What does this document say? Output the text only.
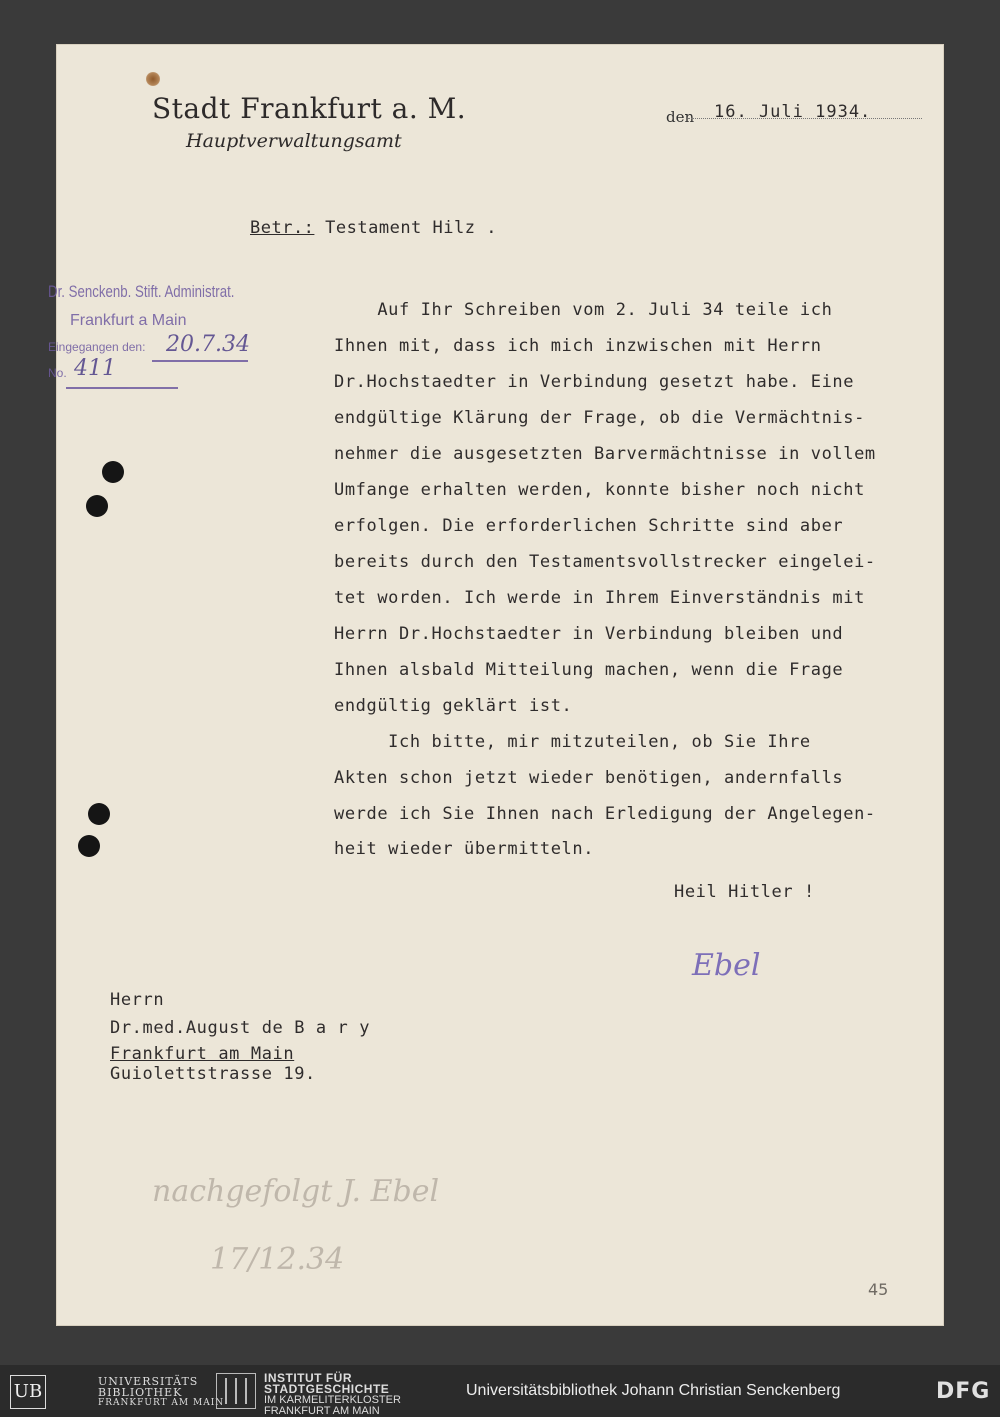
Stadt Frankfurt a. M.
Hauptverwaltungsamt
den 16. Juli 1934.
Betr.: Testament Hilz .
Dr. Senckenb. Stift. Administrat.
Frankfurt a Main
Eingegangen den:
No.
20.7.34
411
Auf Ihr Schreiben vom 2. Juli 34 teile ich
Ihnen mit, dass ich mich inzwischen mit Herrn
Dr.Hochstaedter in Verbindung gesetzt habe. Eine
endgültige Klärung der Frage, ob die Vermächtnis-
nehmer die ausgesetzten Barvermächtnisse in vollem
Umfange erhalten werden, konnte bisher noch nicht
erfolgen. Die erforderlichen Schritte sind aber
bereits durch den Testamentsvollstrecker eingelei-
tet worden. Ich werde in Ihrem Einverständnis mit
Herrn Dr.Hochstaedter in Verbindung bleiben und
Ihnen alsbald Mitteilung machen, wenn die Frage
endgültig geklärt ist.
Ich bitte, mir mitzuteilen, ob Sie Ihre
Akten schon jetzt wieder benötigen, andernfalls
werde ich Sie Ihnen nach Erledigung der Angelegen-
heit wieder übermitteln.
Heil Hitler !
Ebel
Herrn
Dr.med.August de B a r y
Frankfurt am Main
Guiolettstrasse 19.
nachgefolgt J. Ebel
17/12.34
45
UB	UNIVERSITÄTS
BIBLIOTHEK
FRANKFURT AM MAIN
INSTITUT FÜR
STADTGESCHICHTE
IM KARMELITERKLOSTER
FRANKFURT AM MAIN
Universitätsbibliothek Johann Christian Senckenberg	DFG
